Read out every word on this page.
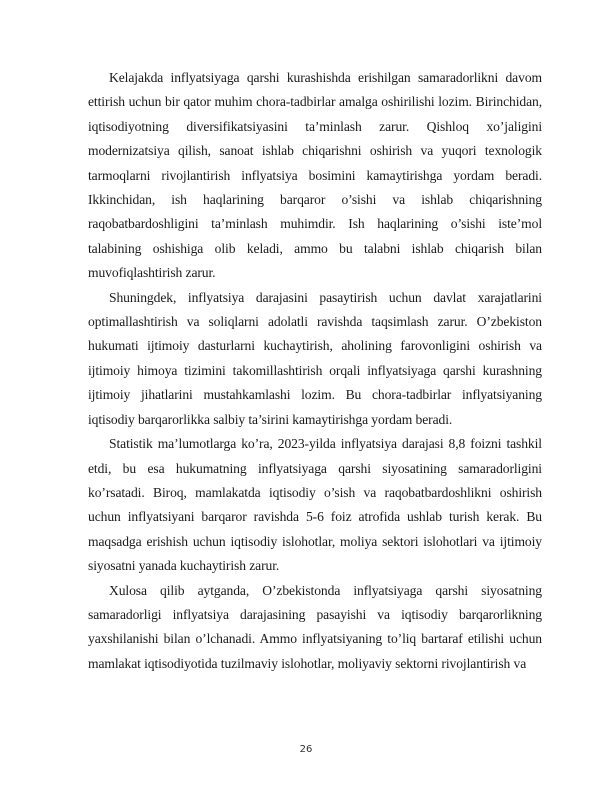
Kelajakda inflyatsiyaga qarshi kurashishda erishilgan samaradorlikni davom ettirish uchun bir qator muhim chora-tadbirlar amalga oshirilishi lozim. Birinchidan, iqtisodiyotning diversifikatsiyasini ta’minlash zarur. Qishloq xo’jaligini modernizatsiya qilish, sanoat ishlab chiqarishni oshirish va yuqori texnologik tarmoqlarni rivojlantirish inflyatsiya bosimini kamaytirishga yordam beradi. Ikkinchidan, ish haqlarining barqaror o’sishi va ishlab chiqarishning raqobatbardoshligini ta’minlash muhimdir. Ish haqlarining o’sishi iste’mol talabining oshishiga olib keladi, ammo bu talabni ishlab chiqarish bilan muvofiqlashtirish zarur.

Shuningdek, inflyatsiya darajasini pasaytirish uchun davlat xarajatlarini optimallashtirish va soliqlarni adolatli ravishda taqsimlash zarur. O’zbekiston hukumati ijtimoiy dasturlarni kuchaytirish, aholining farovonligini oshirish va ijtimoiy himoya tizimini takomillashtirish orqali inflyatsiyaga qarshi kurashning ijtimoiy jihatlarini mustahkamlashi lozim. Bu chora-tadbirlar inflyatsiyaning iqtisodiy barqarorlikka salbiy ta’sirini kamaytirishga yordam beradi.

Statistik ma’lumotlarga ko’ra, 2023-yilda inflyatsiya darajasi 8,8 foizni tashkil etdi, bu esa hukumatning inflyatsiyaga qarshi siyosatining samaradorligini ko’rsatadi. Biroq, mamlakatda iqtisodiy o’sish va raqobatbardoshlikni oshirish uchun inflyatsiyani barqaror ravishda 5-6 foiz atrofida ushlab turish kerak. Bu maqsadga erishish uchun iqtisodiy islohotlar, moliya sektori islohotlari va ijtimoiy siyosatni yanada kuchaytirish zarur.

Xulosa qilib aytganda, O’zbekistonda inflyatsiyaga qarshi siyosatning samaradorligi inflyatsiya darajasining pasayishi va iqtisodiy barqarorlikning yaxshilanishi bilan o’lchanadi. Ammo inflyatsiyaning to’liq bartaraf etilishi uchun mamlakat iqtisodiyotida tuzilmaviy islohotlar, moliyaviy sektorni rivojlantirish va

26
